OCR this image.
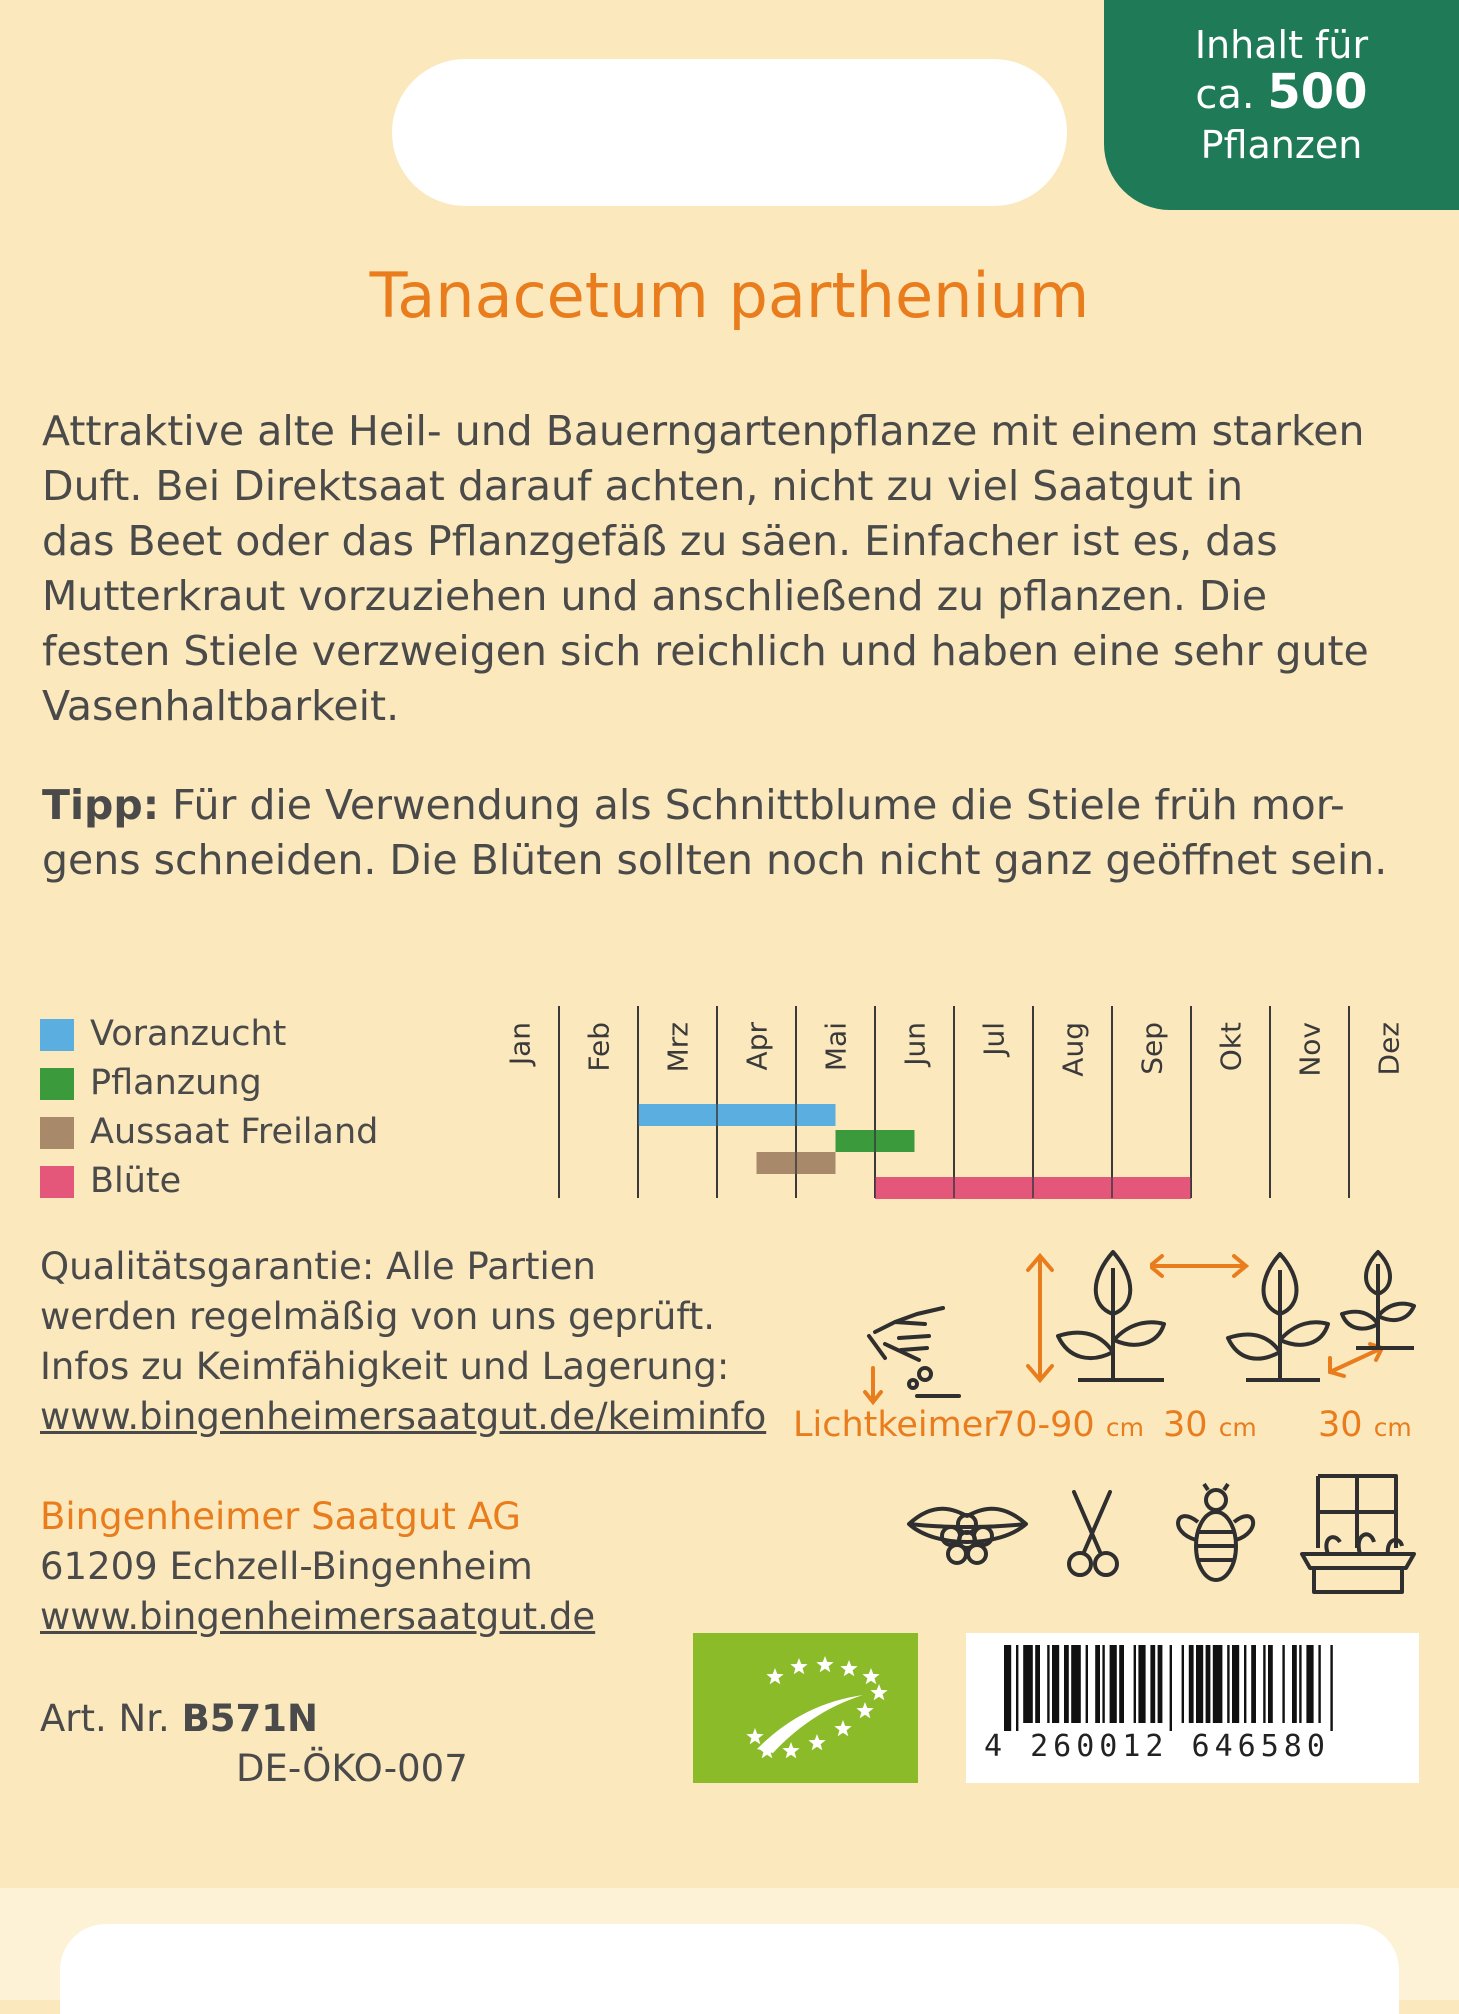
Inhalt für
ca. 500
Pflanzen
Tanacetum parthenium
Attraktive alte Heil- und Bauerngartenpflanze mit einem starken
Duft. Bei Direktsaat darauf achten, nicht zu viel Saatgut in
das Beet oder das Pflanzgefäß zu säen. Einfacher ist es, das
Mutterkraut vorzuziehen und anschließend zu pflanzen. Die
festen Stiele verzweigen sich reichlich und haben eine sehr gute
Vasenhaltbarkeit.
Tipp: Für die Verwendung als Schnittblume die Stiele früh mor-
gens schneiden. Die Blüten sollten noch nicht ganz geöffnet sein.
Voranzucht
Pflanzung
Aussaat Freiland
Blüte
Jan Feb Mrz Apr Mai Jun Jul Aug Sep Okt Nov Dez
Qualitätsgarantie: Alle Partien
werden regelmäßig von uns geprüft.
Infos zu Keimfähigkeit und Lagerung:
www.bingenheimersaatgut.de/keiminfo Lichtkeimer
70-90 cm 30 cm 30 cm
Bingenheimer Saatgut AG
61209 Echzell-Bingenheim
www.bingenheimersaatgut.de
Art. Nr. B571N
DE-ÖKO-007
4 260012 646580
